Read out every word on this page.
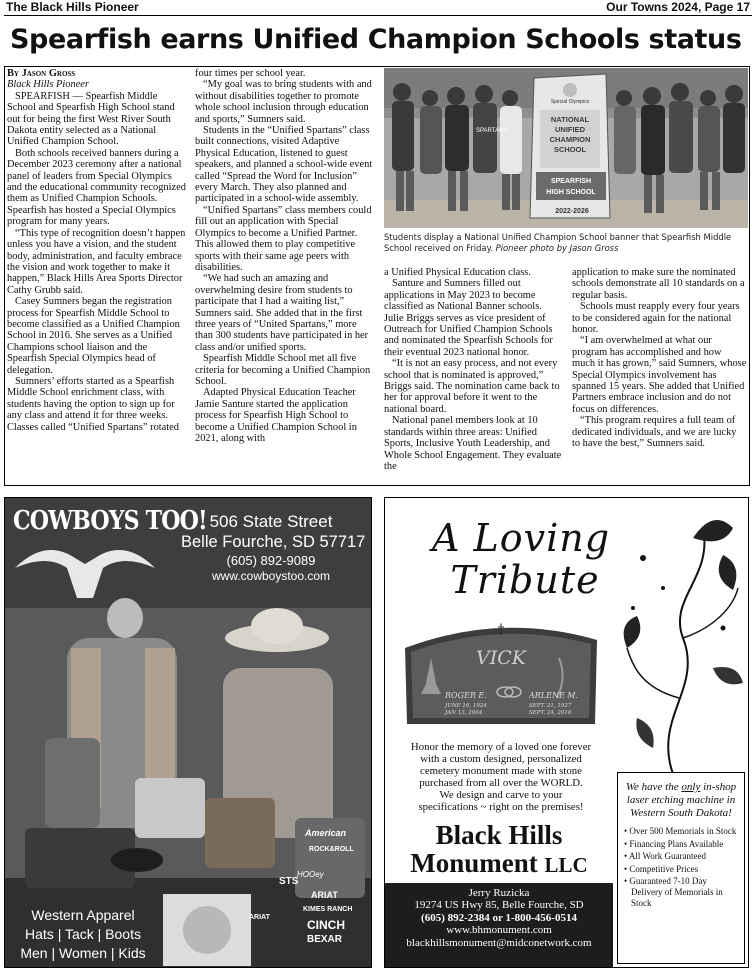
The Black Hills Pioneer	Our Towns 2024, Page 17
Spearfish earns Unified Champion Schools status

By Jason Gross

Black Hills Pioneer

SPEARFISH — Spearfish Middle School and Spearfish High School stand out for being the first West River South Dakota entity selected as a National Unified Champion School.

Both schools received banners during a December 2023 ceremony after a national panel of leaders from Special Olympics and the educational community recognized them as Unified Champion Schools. Spearfish has hosted a Special Olympics program for many years.

“This type of recognition doesn’t happen unless you have a vision, and the student body, administration, and faculty embrace the vision and work together to make it happen,” Black Hills Area Sports Director Cathy Grubb said.

Casey Sumners began the registration process for Spearfish Middle School to become classified as a Unified Champion School in 2016. She serves as a Unified Champions school liaison and the Spearfish Special Olympics head of delegation.

Sumners’ efforts started as a Spearfish Middle School enrichment class, with students having the option to sign up for any class and attend it for three weeks. Classes called “Unified Spartans” rotated

four times per school year.

“My goal was to bring students with and without disabilities together to promote whole school inclusion through education and sports,” Sumners said.

Students in the “Unified Spartans” class built connections, visited Adaptive Physical Education, listened to guest speakers, and planned a school-wide event called “Spread the Word for Inclusion” every March. They also planned and participated in a school-wide assembly.

“Unified Spartans” class members could fill out an application with Special Olympics to become a Unified Partner. This allowed them to play competitive sports with their same age peers with disabilities.

“We had such an amazing and overwhelming desire from students to participate that I had a waiting list,” Sumners said. She added that in the first three years of “United Spartans,” more than 300 students have participated in her class and/or unified sports.

Spearfish Middle School met all five criteria for becoming a Unified Champion School.

Adapted Physical Education Teacher Jamie Santure started the application process for Spearfish High School to become a Unified Champion School in 2021, along with

SPARTANS
Special Olympics
NATIONAL
UNIFIED
CHAMPION
SCHOOL
SPEARFISH
HIGH SCHOOL
2022-2026
Students display a National Unified Champion School banner that Spearfish Middle School received on Friday. Pioneer photo by Jason Gross

a Unified Physical Education class.

Santure and Sumners filled out applications in May 2023 to become classified as National Banner schools. Julie Briggs serves as vice president of Outreach for Unified Champion Schools and nominated the Spearfish Schools for their eventual 2023 national honor.

“It is not an easy process, and not every school that is nominated is approved,” Briggs said. The nomination came back to her for approval before it went to the national board.

National panel members look at 10 standards within three areas: Unified Sports, Inclusive Youth Leadership, and Whole School Engagement. They evaluate the

application to make sure the nominated schools demonstrate all 10 standards on a regular basis.

Schools must reapply every four years to be considered again for the national honor.

“I am overwhelmed at what our program has accomplished and how much it has grown,” said Sumners, whose Special Olympics involvement has spanned 15 years. She added that Unified Partners embrace inclusion and do not focus on differences.

“This program requires a full team of dedicated individuals, and we are lucky to have the best,” Sumners said.

COWBOYS TOO! 506 State Street
Belle Fourche, SD 57717
(605) 892-9089
www.cowboystoo.com
Western Apparel
Hats | Tack | Boots
Men | Women | Kids
American
ROCK&ROLL
ARIAT
KIMES RANCH
CINCH
BEXAR
STS
HOOey
ARIAT
A Loving
Tribute
†
VICK
ROGER E.
JUNE 16, 1924
JAN 13, 2004
ARLENE M.
SEPT. 21, 1927
SEPT. 24, 2010
Honor the memory of a loved one forever
with a custom designed, personalized
cemetery monument made with stone
purchased from all over the WORLD.
We design and carve to your
specifications ~ right on the premises!
Black Hills
Monument LLC
Jerry Ruzicka
19274 US Hwy 85, Belle Fourche, SD
(605) 892-2384 or 1-800-456-0514
www.bhmonument.com
blackhillsmonument@midconetwork.com
We have the only in-shop laser etching machine in Western South Dakota!
• Over 500 Memorials in Stock
• Financing Plans Available
• All Work Guaranteed
• Competitive Prices
• Guaranteed 7-10 Day Delivery of Memorials in Stock
